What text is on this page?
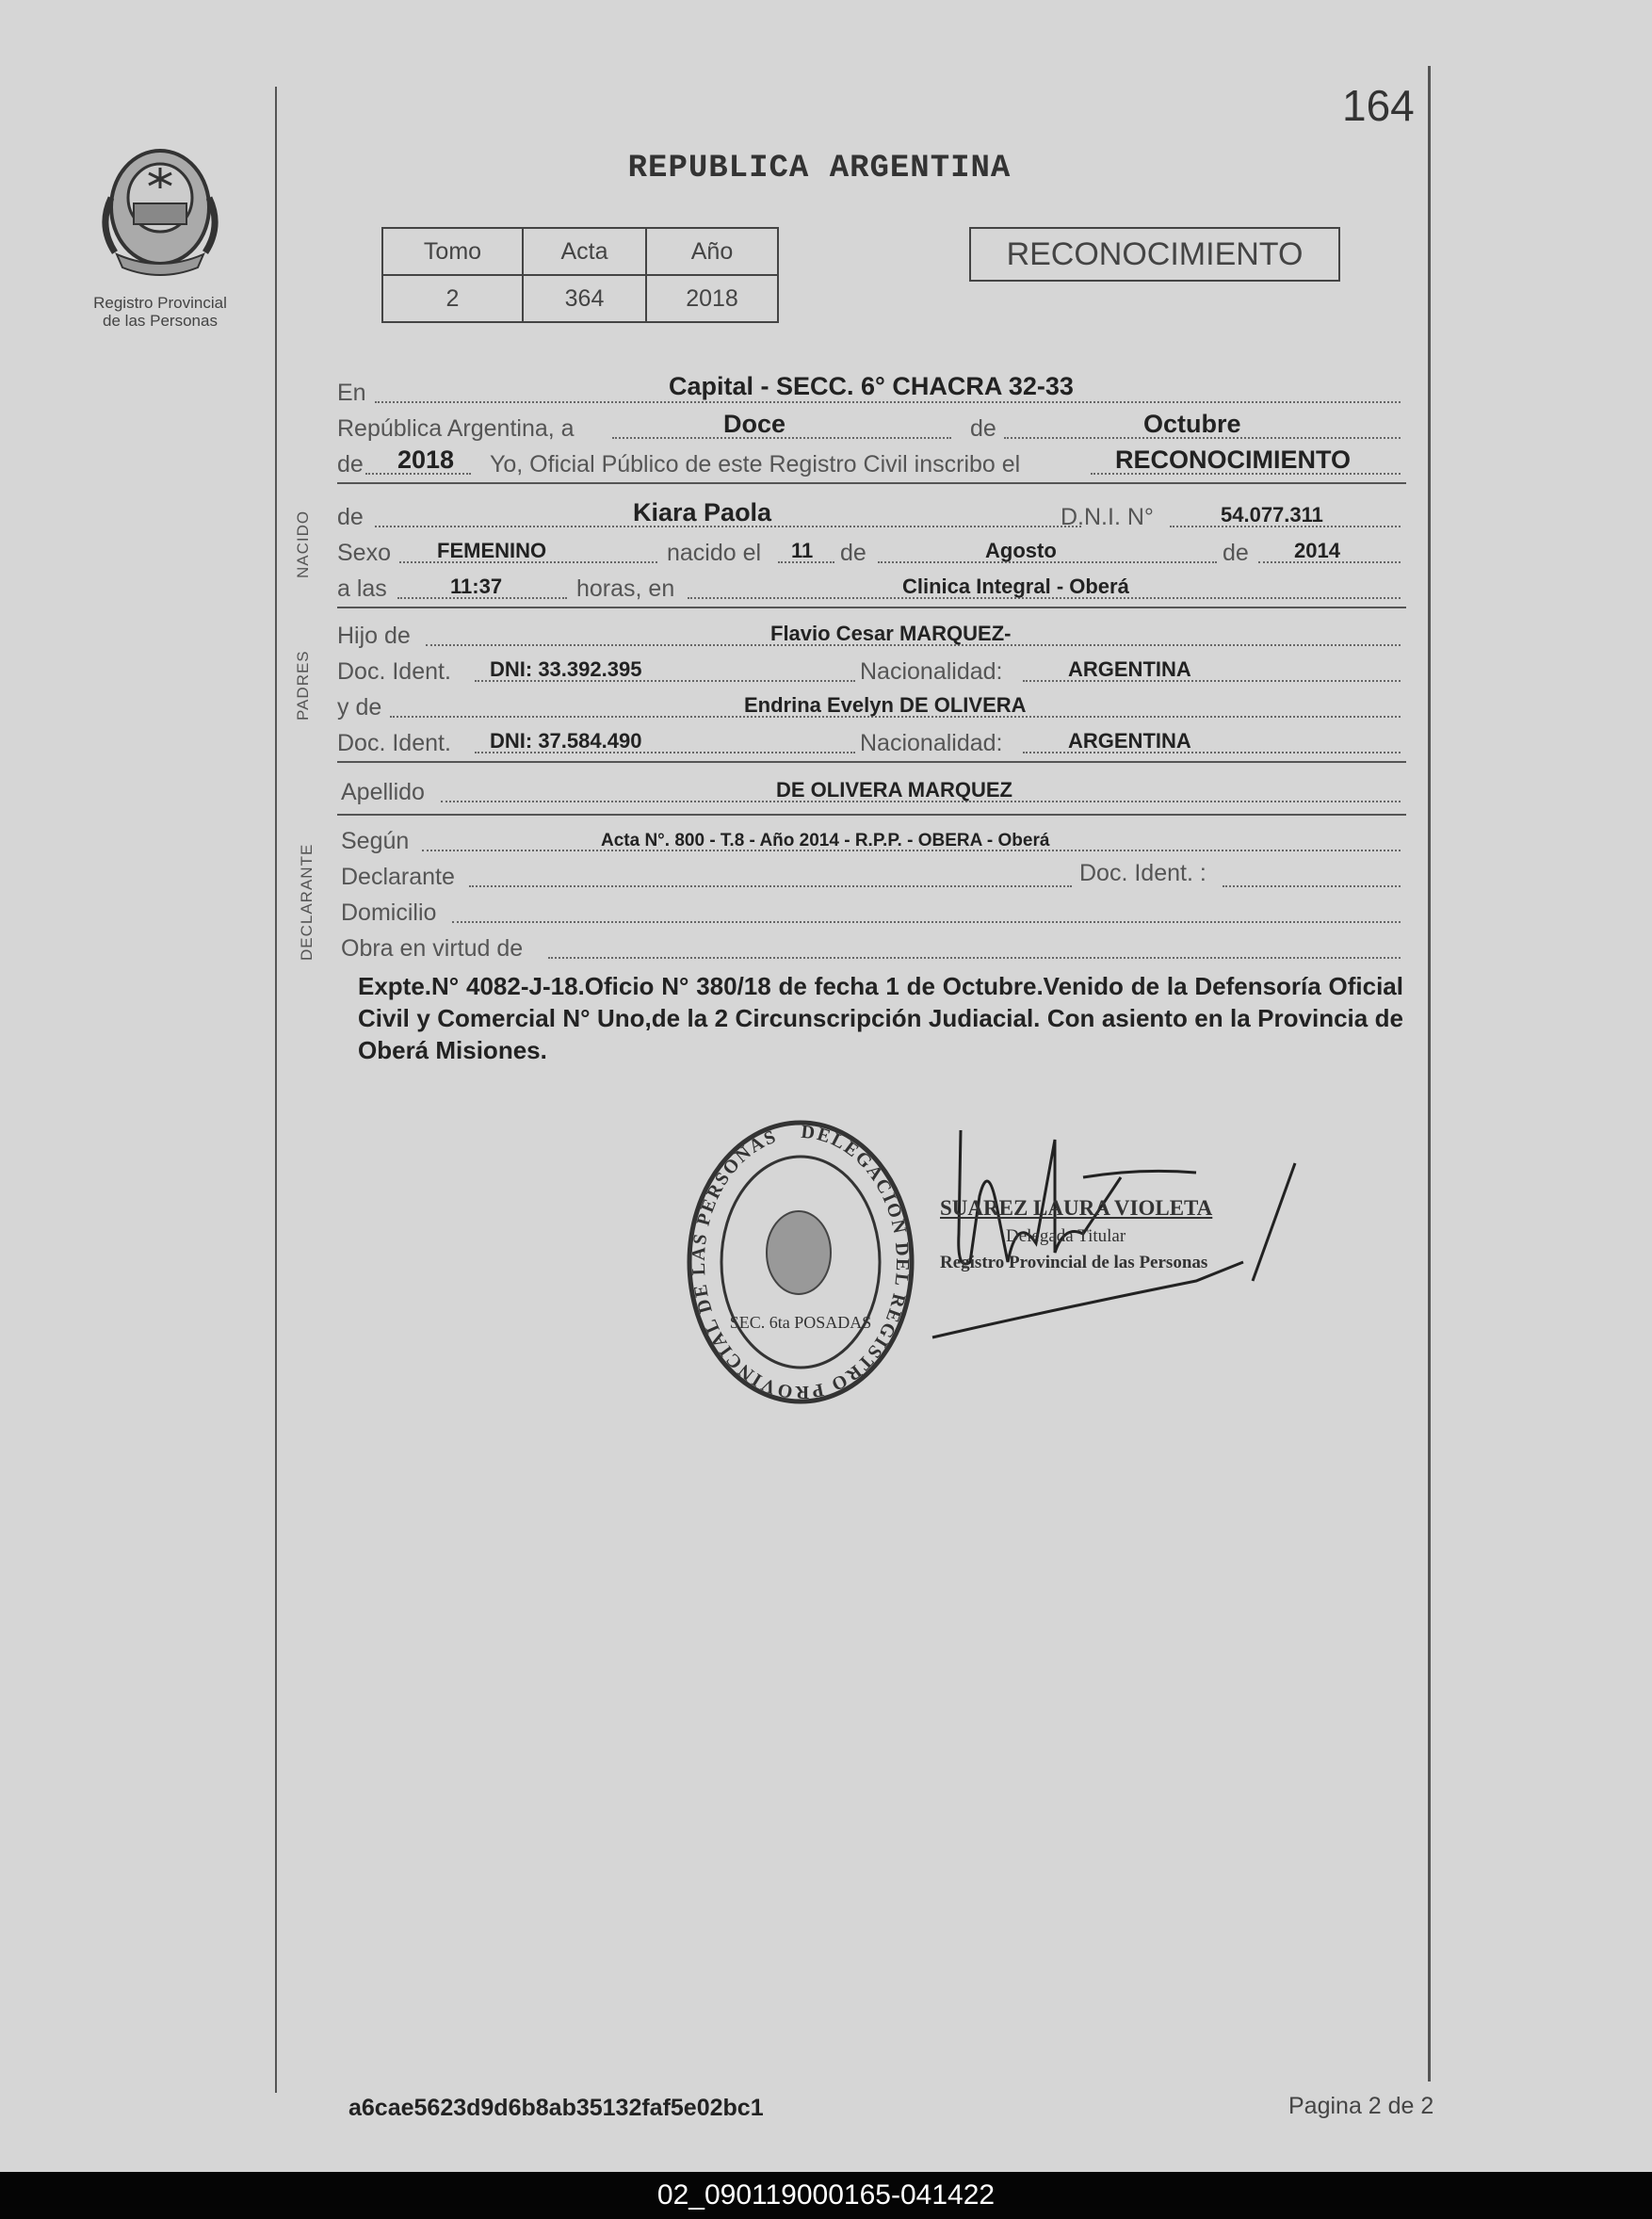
Registro Provincial
de las Personas
164
REPUBLICA ARGENTINA
Tomo	Acta	Año
2	364	2018
RECONOCIMIENTO
NACIDO
PADRES
DECLARANTE
En	Capital - SECC. 6° CHACRA 32-33
República Argentina, a	Doce	de	Octubre
de 2018 Yo, Oficial Público de este Registro Civil inscribo el	RECONOCIMIENTO
de	Kiara Paola	D.N.I. N°	54.077.311
Sexo FEMENINO	nacido el 11 de	Agosto	de 2014
a las	11:37	horas, en	Clinica Integral - Oberá
Hijo de	Flavio Cesar MARQUEZ-
Doc. Ident. DNI: 33.392.395	Nacionalidad:	ARGENTINA
y de	Endrina Evelyn DE OLIVERA
Doc. Ident. DNI: 37.584.490	Nacionalidad:	ARGENTINA
Apellido	DE OLIVERA MARQUEZ
Según	Acta N°. 800 - T.8 - Año 2014 - R.P.P. - OBERA - Oberá
Declarante	Doc. Ident. :
Domicilio
Obra en virtud de
Expte.N° 4082-J-18.Oficio N° 380/18 de fecha 1 de Octubre.Venido de la Defensoría Oficial Civil y Comercial N° Uno,de la 2 Circunscripción Judiacial. Con asiento en la Provincia de Oberá Misiones.
DELEGACION DEL REGISTRO PROVINCIAL DE LAS PERSONAS
SEC. 6ta POSADAS
SUAREZ LAURA VIOLETA
Delegada Titular
Registro Provincial de las Personas
a6cae5623d9d6b8ab35132faf5e02bc1	Pagina 2 de 2
02_090119000165-041422
